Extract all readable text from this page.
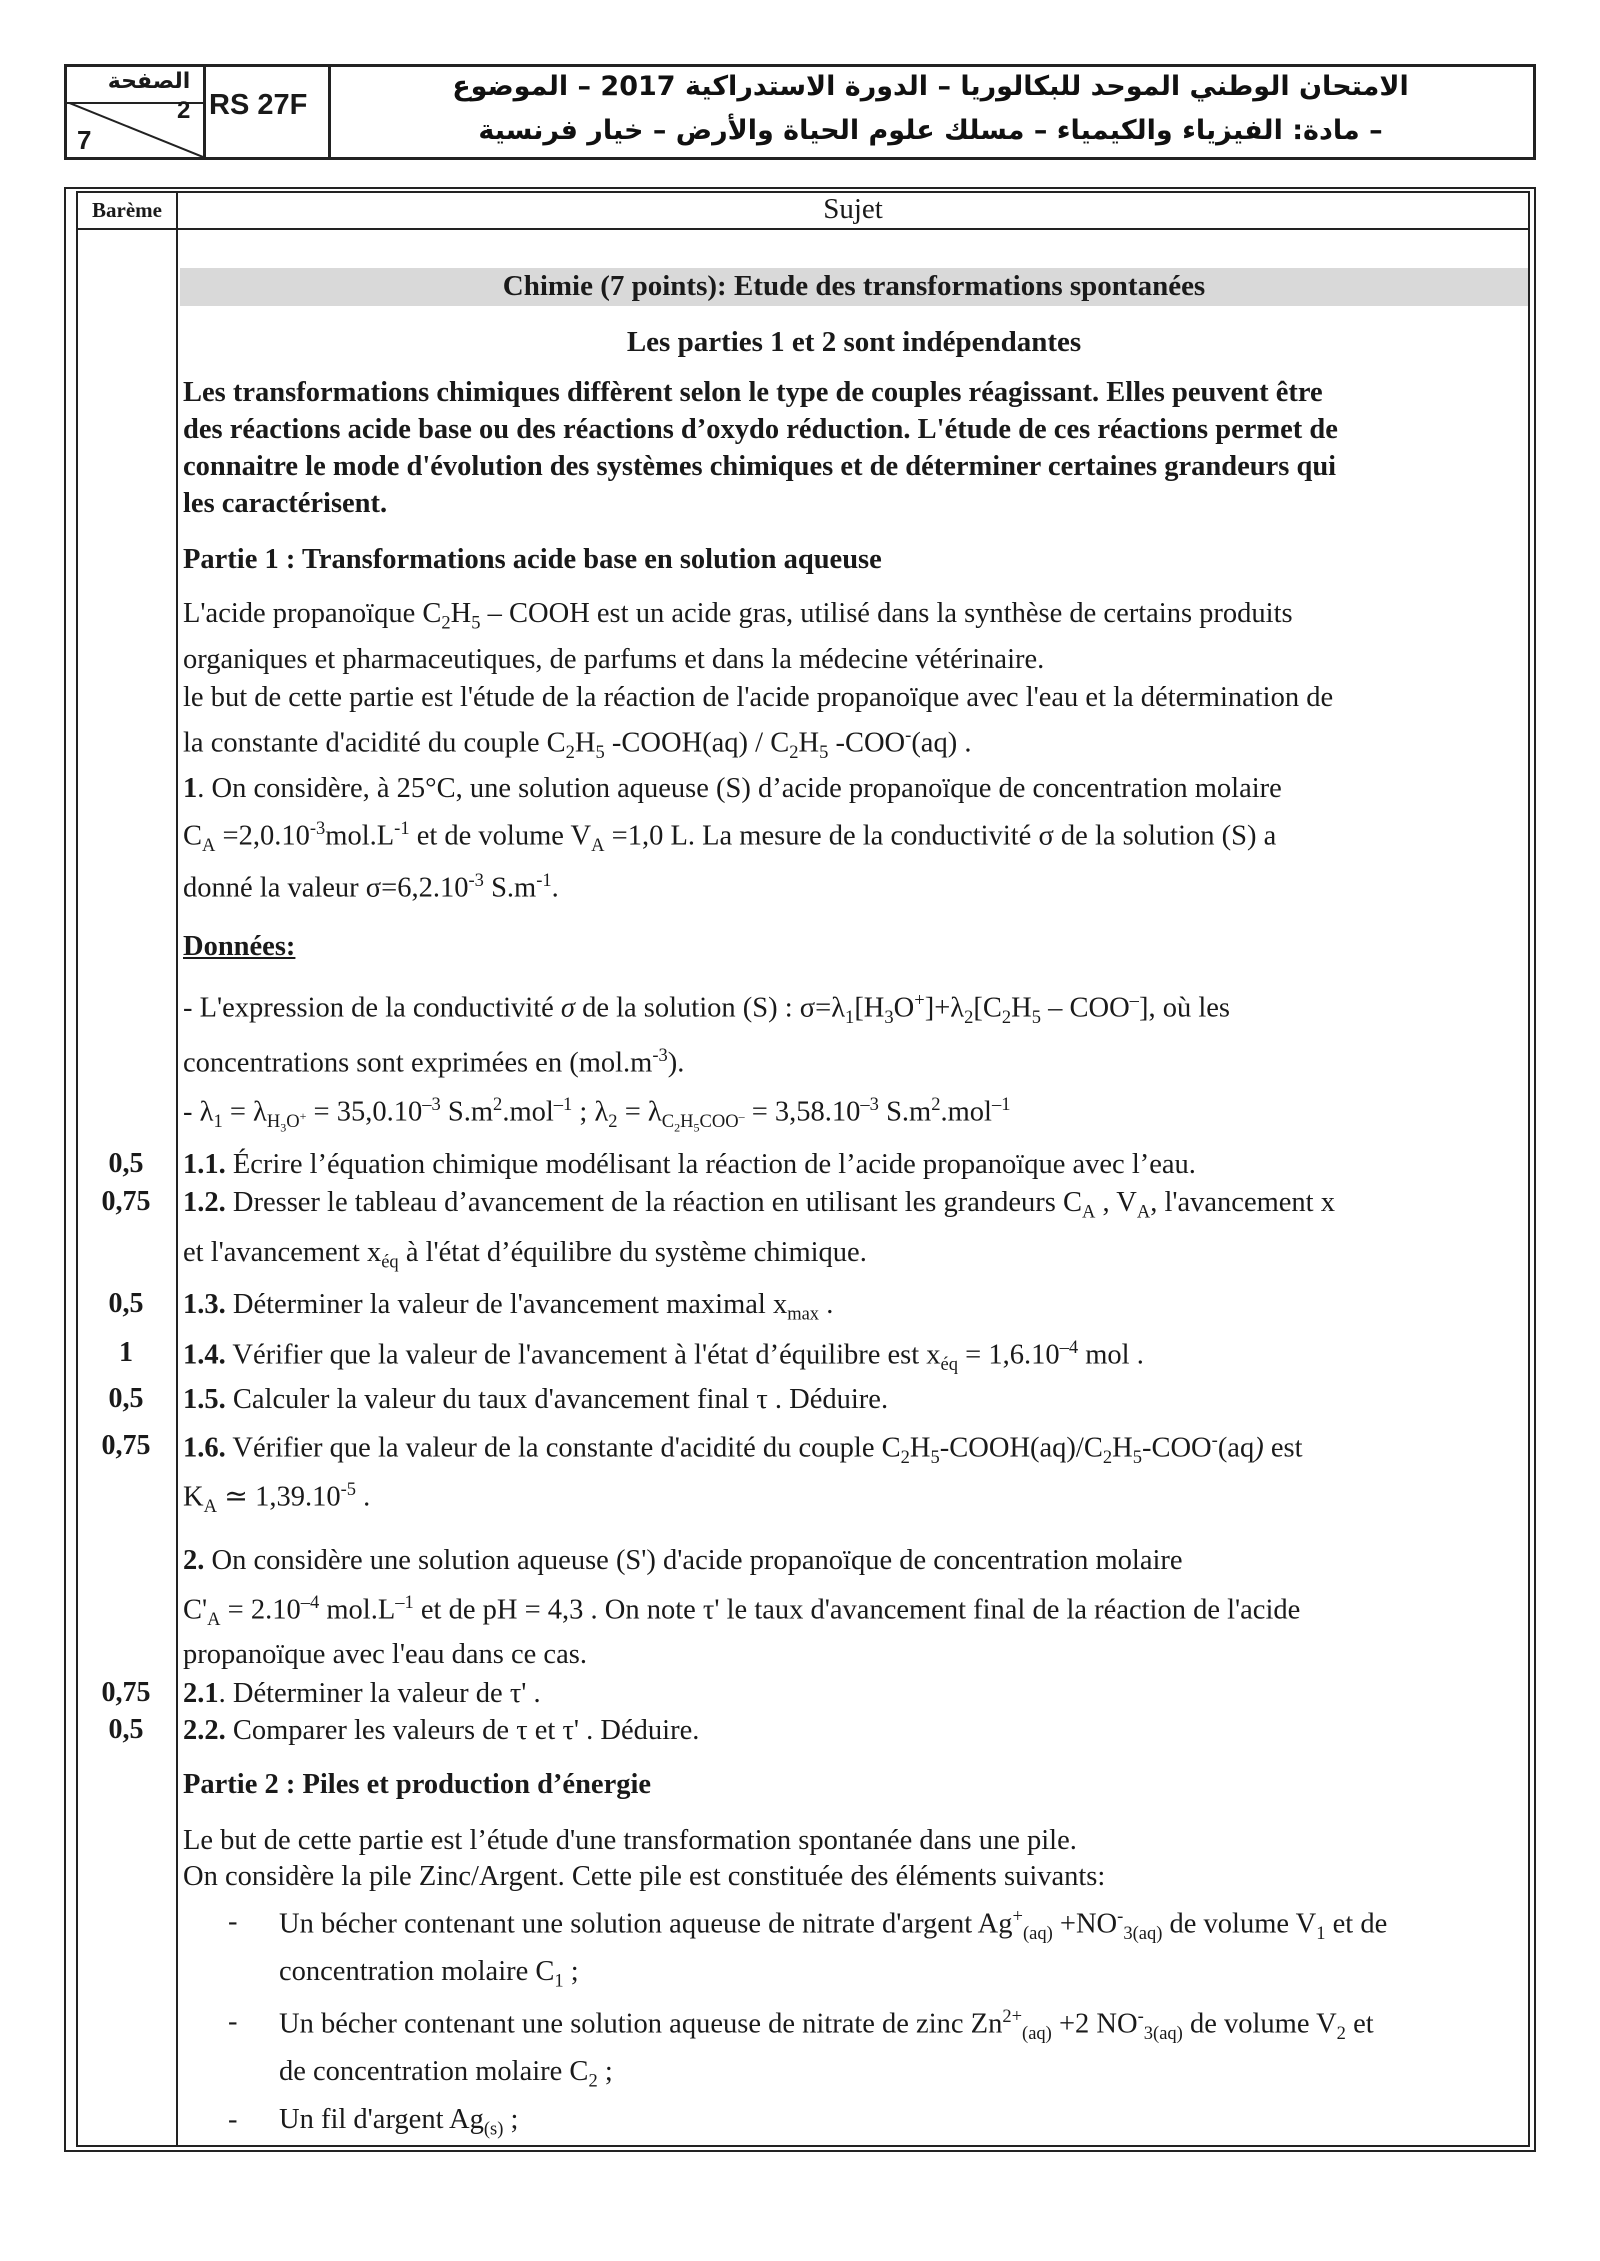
الصفحة
2
7
RS 27F
الامتحان الوطني الموحد للبكالوريا – الدورة الاستدراكية 2017 – الموضوع
– مادة: الفيزياء والكيمياء – مسلك علوم الحياة والأرض – خيار فرنسية
Barème	Sujet
Chimie (7 points): Etude des transformations spontanées
Les parties 1 et 2 sont indépendantes
Les transformations chimiques diffèrent selon le type de couples réagissant. Elles peuvent être
des réactions acide base ou des réactions d’oxydo réduction. L'étude de ces réactions permet de
connaitre le mode d'évolution des systèmes chimiques et de déterminer certaines grandeurs qui
les caractérisent.
Partie 1 : Transformations acide base en solution aqueuse
L'acide propanoïque $C_2H_5$ – COOH est un acide gras, utilisé dans la synthèse de certains produits
organiques et pharmaceutiques, de parfums et dans la médecine vétérinaire.
le but de cette partie est l'étude de la réaction de l'acide propanoïque avec l'eau et la détermination de
la constante d'acidité du couple $C_2H_5$ -COOH(aq) / $C_2H_5$ -COO-(aq) .
1. On considère, à 25°C, une solution aqueuse (S) d’acide propanoïque de concentration molaire
$C_A =2,0.10^{-3}mol.L^{-1}$ et de volume $V_A =1,0$ L. La mesure de la conductivité σ de la solution (S) a
donné la valeur $\sigma=6,2.10^{-3}$ $S.m^{-1}$.
Données:
- L'expression de la conductivité σ de la solution (S) : $\sigma=\lambda_1[H_3O^+]+\lambda_2[C_2H_5 - COO^-]$, où les
concentrations sont exprimées en $(mol.m^{-3})$.
- $\lambda_1 = \lambda_{H_3O^+} = 35,0.10^{-3}$ $S.m^2.mol^{-1}$ ; $\lambda_2 = \lambda_{C_2H_5COO^-} = 3,58.10^{-3}$ $S.m^2.mol^{-1}$
0,5	1.1. Écrire l’équation chimique modélisant la réaction de l’acide propanoïque avec l’eau.
0,75	1.2. Dresser le tableau d’avancement de la réaction en utilisant les grandeurs $C_A$ , $V_A$, l'avancement x
et l'avancement $x_{éq}$ à l'état d’équilibre du système chimique.
0,5	1.3. Déterminer la valeur de l'avancement maximal $x_{max}$ .
1	1.4. Vérifier que la valeur de l'avancement à l'état d’équilibre est $x_{éq} = 1,6.10^{-4}$ mol .
0,5	1.5. Calculer la valeur du taux d'avancement final τ . Déduire.
0,75	1.6. Vérifier que la valeur de la constante d'acidité du couple $C_2H_5-COOH(aq)/C_2H_5-COO^-(aq)$ est
$K_A$ ≃ $1,39.10^{-5}$ .
2. On considère une solution aqueuse (S') d'acide propanoïque de concentration molaire
$C'_A = 2.10^{-4}$ $mol.L^{-1}$ et de pH = 4,3 . On note τ' le taux d'avancement final de la réaction de l'acide
propanoïque avec l'eau dans ce cas.
0,75	2.1. Déterminer la valeur de τ' .
0,5	2.2. Comparer les valeurs de τ et τ' . Déduire.
Partie 2 : Piles et production d’énergie
Le but de cette partie est l’étude d'une transformation spontanée dans une pile.
On considère la pile Zinc/Argent. Cette pile est constituée des éléments suivants:
- Un bécher contenant une solution aqueuse de nitrate d'argent $Ag^+_{(aq)} +NO^-_{3(aq)}$ de volume $V_1$ et de
concentration molaire $C_1$ ;
- Un bécher contenant une solution aqueuse de nitrate de zinc $Zn^{2+}_{(aq)} +2$ $NO^-_{3(aq)}$ de volume $V_2$ et
de concentration molaire $C_2$ ;
- Un fil d'argent $Ag_{(s)}$ ;
